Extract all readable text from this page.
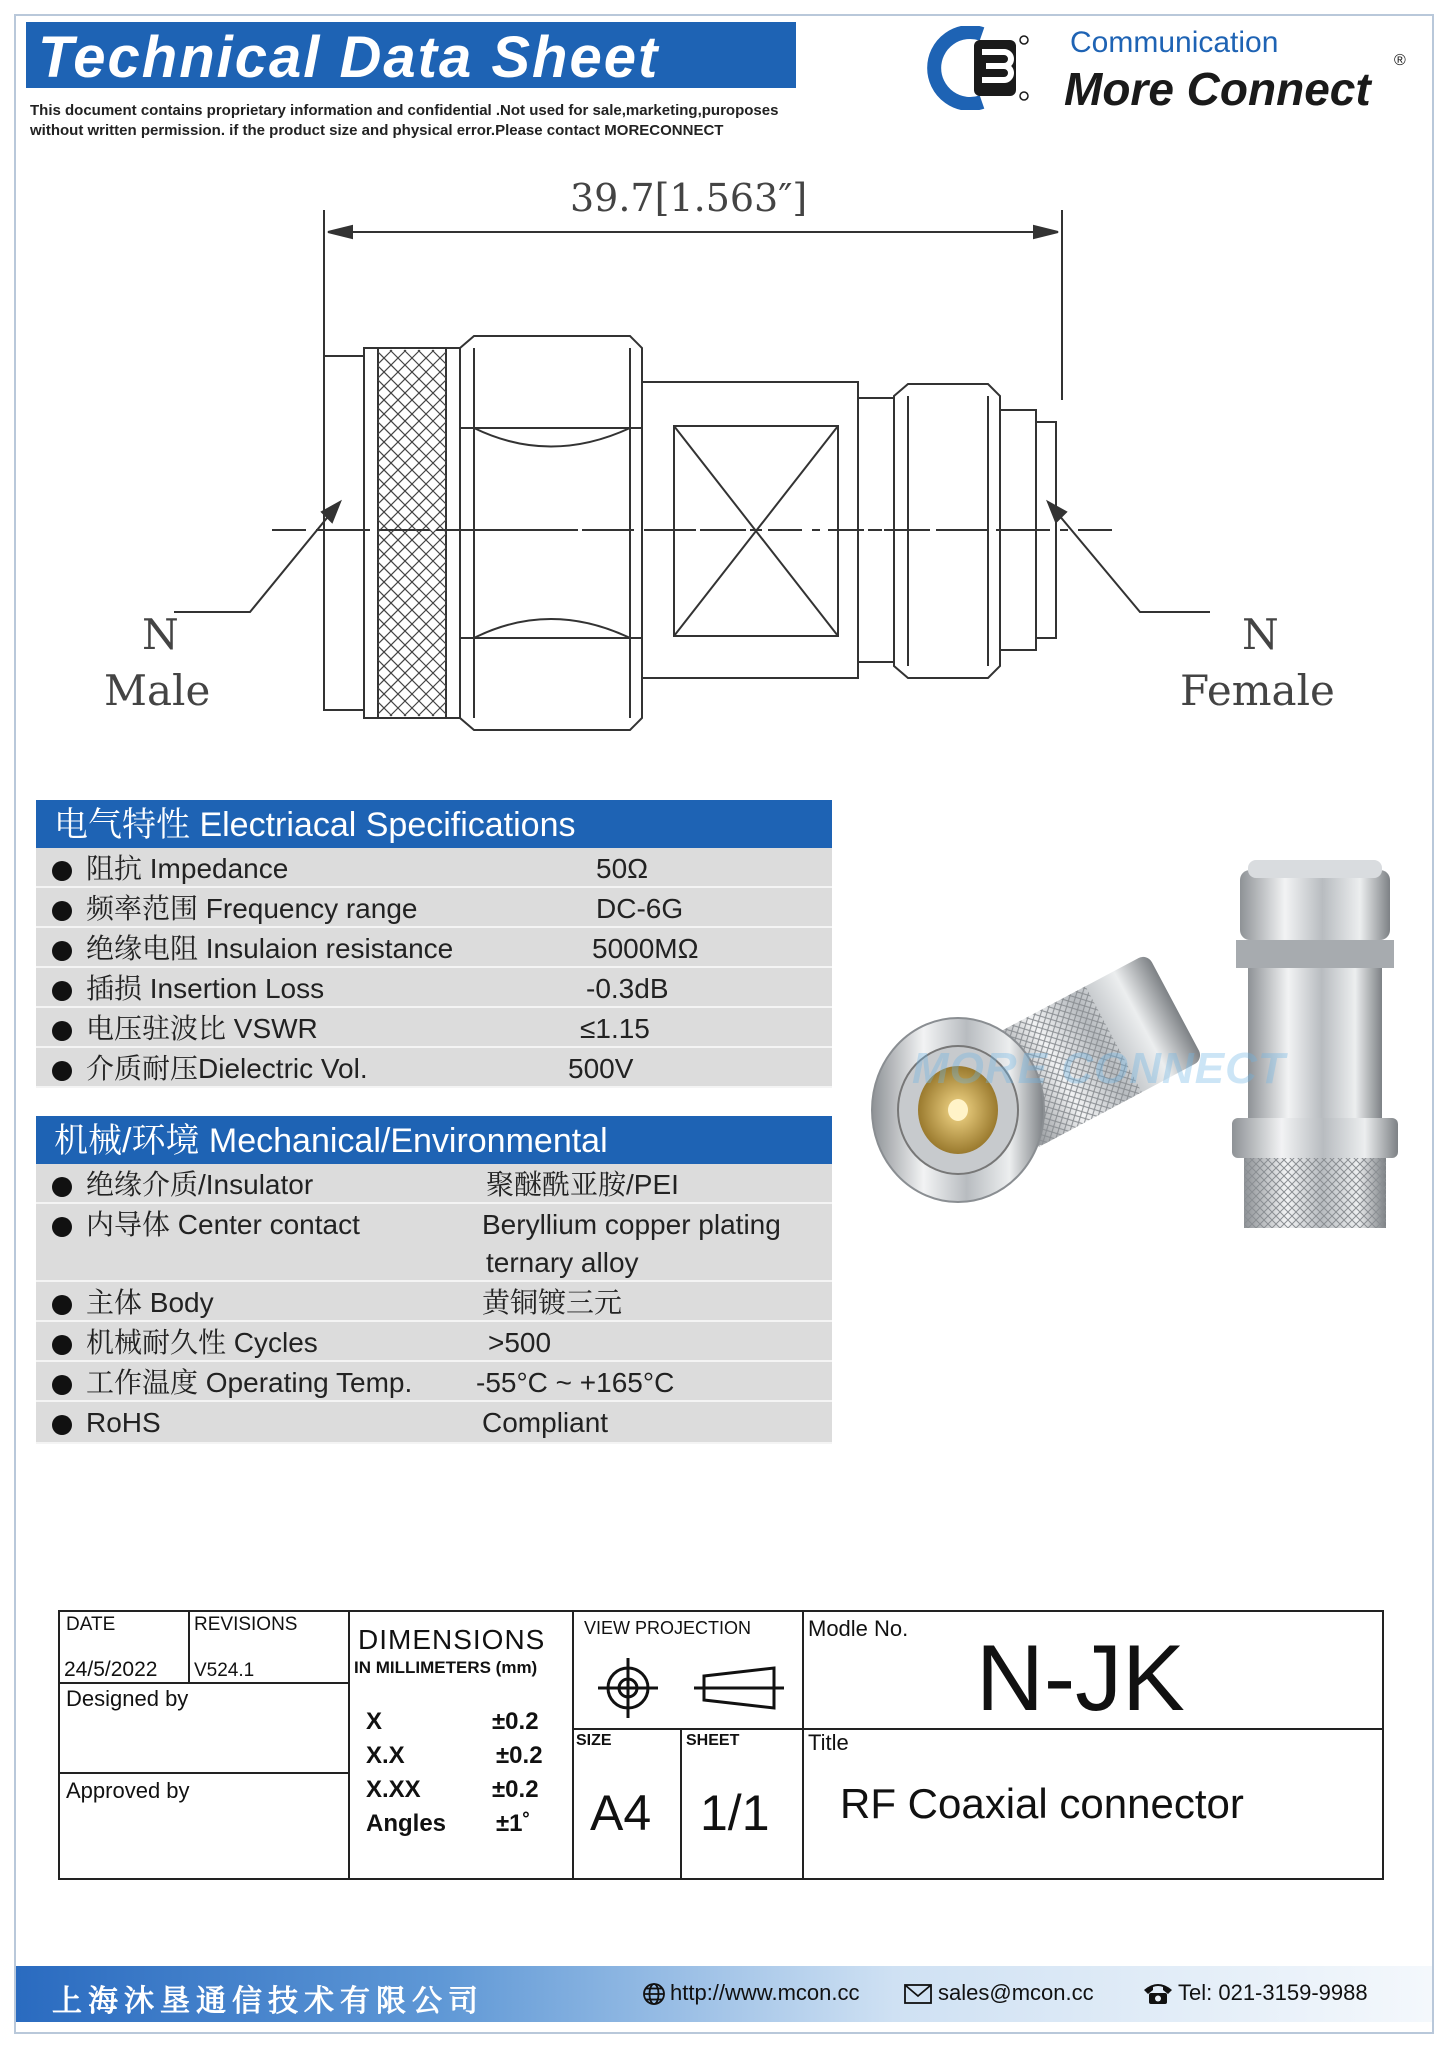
Technical Data Sheet
This document contains proprietary information and confidential .Not used for sale,marketing,puroposes
without written permission. if the product size and physical error.Please contact MORECONNECT
Communication
More Connect
®
39.7[1.563″]
N
Male
N
Female
电气特性 Electriacal Specifications
阻抗 Impedance	50Ω
频率范围 Frequency range	DC-6G
绝缘电阻 Insulaion resistance	5000MΩ
插损 Insertion Loss	-0.3dB
电压驻波比 VSWR	≤1.15
介质耐压Dielectric Vol.	500V
机械/环境 Mechanical/Environmental
绝缘介质/Insulator	聚醚酰亚胺/PEI
内导体 Center contact	Beryllium copper plating
ternary alloy
主体 Body	黄铜镀三元
机械耐久性 Cycles	>500
工作温度 Operating Temp. -55°C ~ +165°C
RoHS	Compliant
MORE CONNECT
DATE	REVISIONS
24/5/2022 V524.1
Designed by
Approved by
DIMENSIONS
IN MILLIMETERS (mm)
X	±0.2
X.X	±0.2
X.XX	±0.2
Angles ±1˚
VIEW PROJECTION
SIZE	SHEET
A4 1/1
Modle No. N-JK
Title
RF Coaxial connector
上海沐垦通信技术有限公司	http://www.mcon.cc	sales@mcon.cc	Tel: 021-3159-9988
